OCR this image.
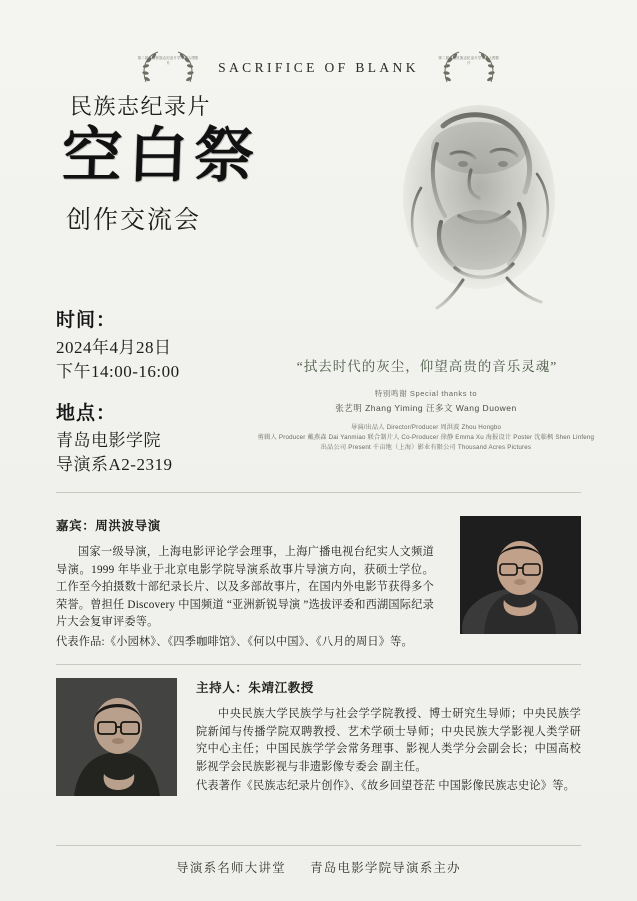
第二届中国民族志纪录片学术展入围影片	SACRIFICE OF BLANK
第二届中国民族志纪录片学术展入围影片
民族志纪录片
空白祭
创作交流会
时间：
2024年4月28日
下午14:00-16:00
地点：
青岛电影学院
导演系A2-2319
“拭去时代的灰尘，仰望高贵的音乐灵魂”
特别鸣谢 Special thanks to
张艺明 Zhang Yiming 汪多文 Wang Duowen
导演/出品人 Director/Producer 周洪波 Zhou Hongbo
剪辑人 Producer 戴燕森 Dai Yanmiao 联合制片人 Co-Producer 徐静 Emma Xu 海报设计 Poster 沈临枫 Shen Linfeng
出品公司 Present 千亩地（上海）影业有限公司 Thousand Acres Pictures
嘉宾：周洪波导演

国家一级导演，上海电影评论学会理事，上海广播电视台纪实人文频道导演。1999 年毕业于北京电影学院导演系故事片导演方向，获硕士学位。工作至今拍摄数十部纪录长片、以及多部故事片，在国内外电影节获得多个荣誉。曾担任 Discovery 中国频道 “亚洲新锐导演 ”选拔评委和西湖国际纪录片大会复审评委等。

代表作品:《小园林》、《四季咖啡馆》、《何以中国》、《八月的周日》等。

主持人：朱靖江教授

中央民族大学民族学与社会学学院教授、博士研究生导师；中央民族学院新闻与传播学院双聘教授、艺术学硕士导师；中央民族大学影视人类学研究中心主任；中国民族学学会常务理事、影视人类学分会副会长；中国高校影视学会民族影视与非遗影像专委会 副主任。

代表著作《民族志纪录片创作》、《故乡回望苍茫 中国影像民族志史论》等。

导演系名师大讲堂 青岛电影学院导演系主办
